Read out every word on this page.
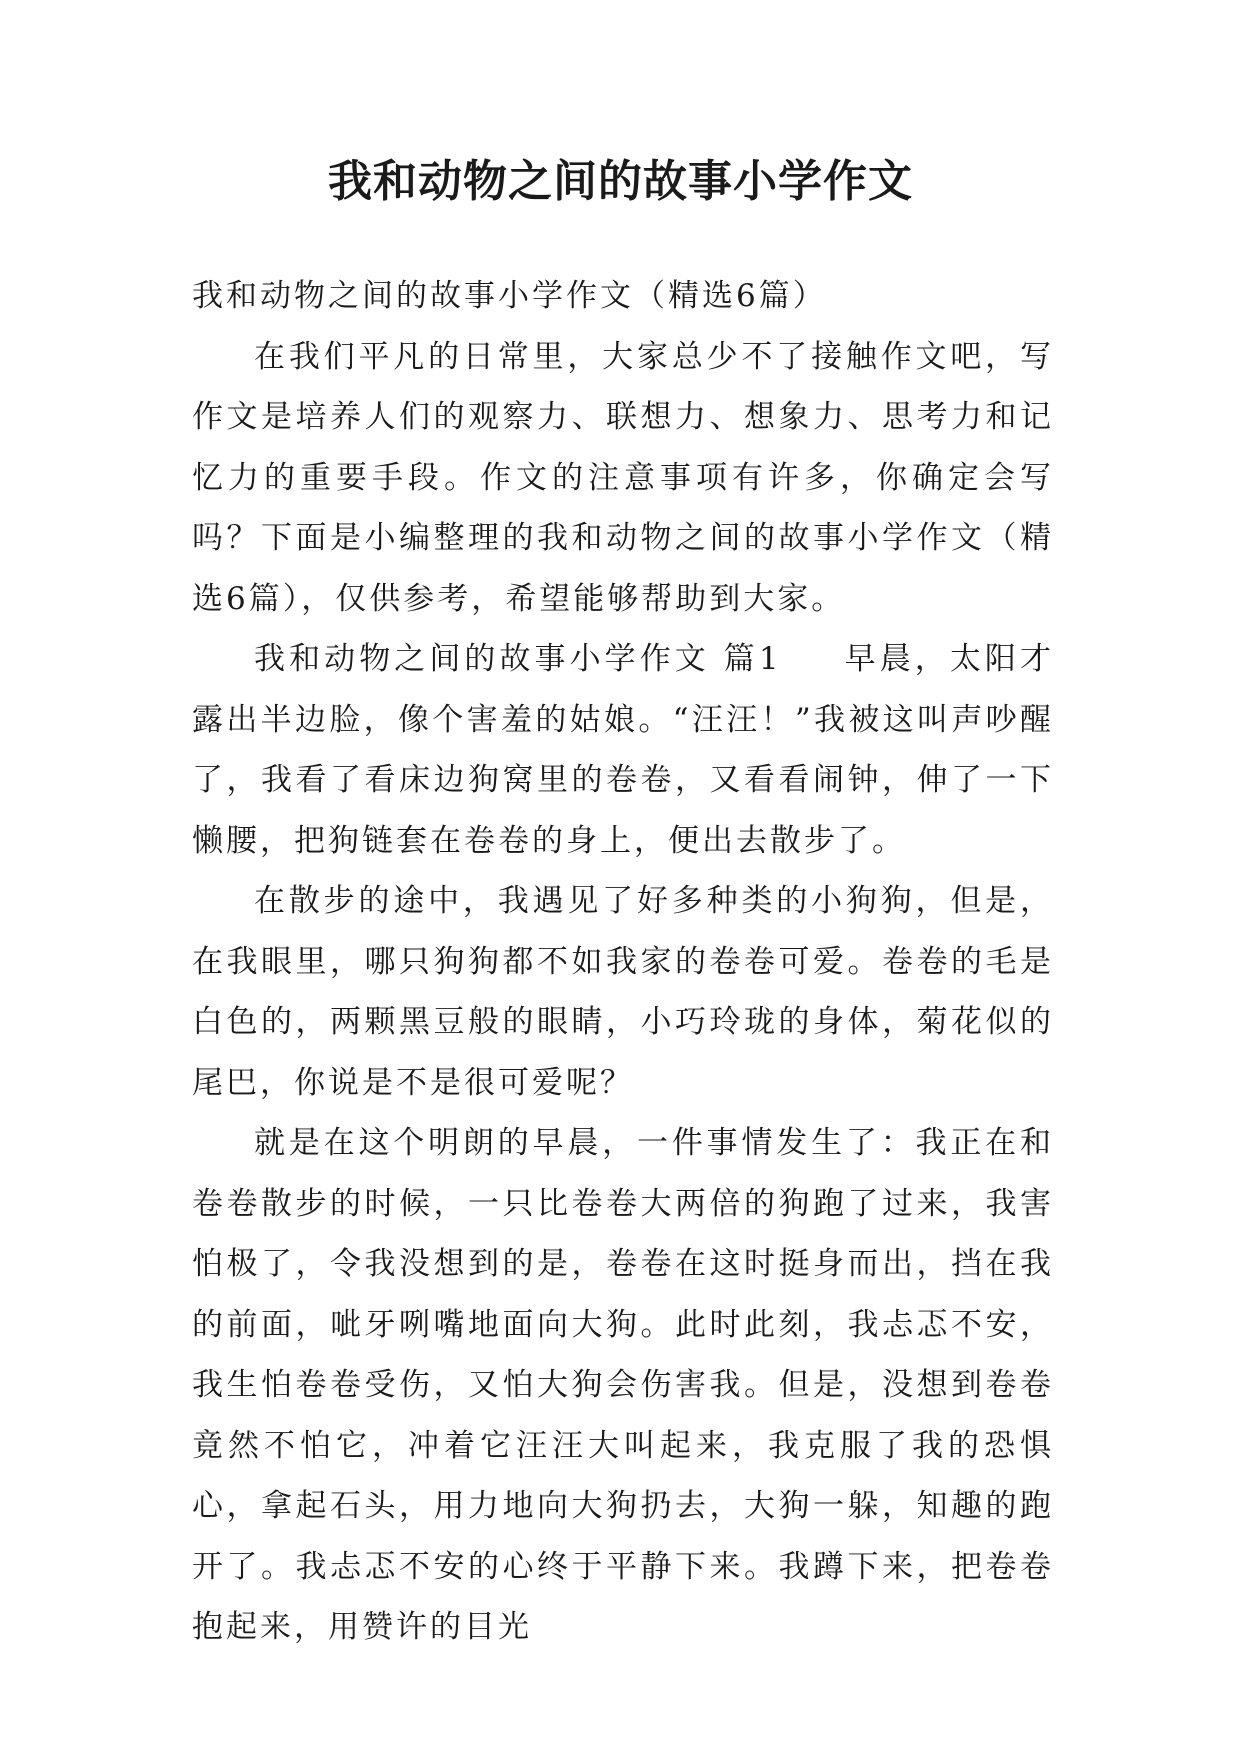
我和动物之间的故事小学作文

我和动物之间的故事小学作文（精选6篇）

在我们平凡的日常里，大家总少不了接触作文吧，写作文是培养人们的观察力、联想力、想象力、思考力和记忆力的重要手段。作文的注意事项有许多，你确定会写吗？下面是小编整理的我和动物之间的故事小学作文（精选6篇），仅供参考，希望能够帮助到大家。

我和动物之间的故事小学作文 篇1 早晨，太阳才露出半边脸，像个害羞的姑娘。“汪汪！”我被这叫声吵醒了，我看了看床边狗窝里的卷卷，又看看闹钟，伸了一下懒腰，把狗链套在卷卷的身上，便出去散步了。

在散步的途中，我遇见了好多种类的小狗狗，但是，在我眼里，哪只狗狗都不如我家的卷卷可爱。卷卷的毛是白色的，两颗黑豆般的眼睛，小巧玲珑的身体，菊花似的尾巴，你说是不是很可爱呢？

就是在这个明朗的早晨，一件事情发生了：我正在和卷卷散步的时候，一只比卷卷大两倍的狗跑了过来，我害怕极了，令我没想到的是，卷卷在这时挺身而出，挡在我的前面，呲牙咧嘴地面向大狗。此时此刻，我忐忑不安，我生怕卷卷受伤，又怕大狗会伤害我。但是，没想到卷卷竟然不怕它，冲着它汪汪大叫起来，我克服了我的恐惧心，拿起石头，用力地向大狗扔去，大狗一躲，知趣的跑开了。我忐忑不安的心终于平静下来。我蹲下来，把卷卷抱起来，用赞许的目光
